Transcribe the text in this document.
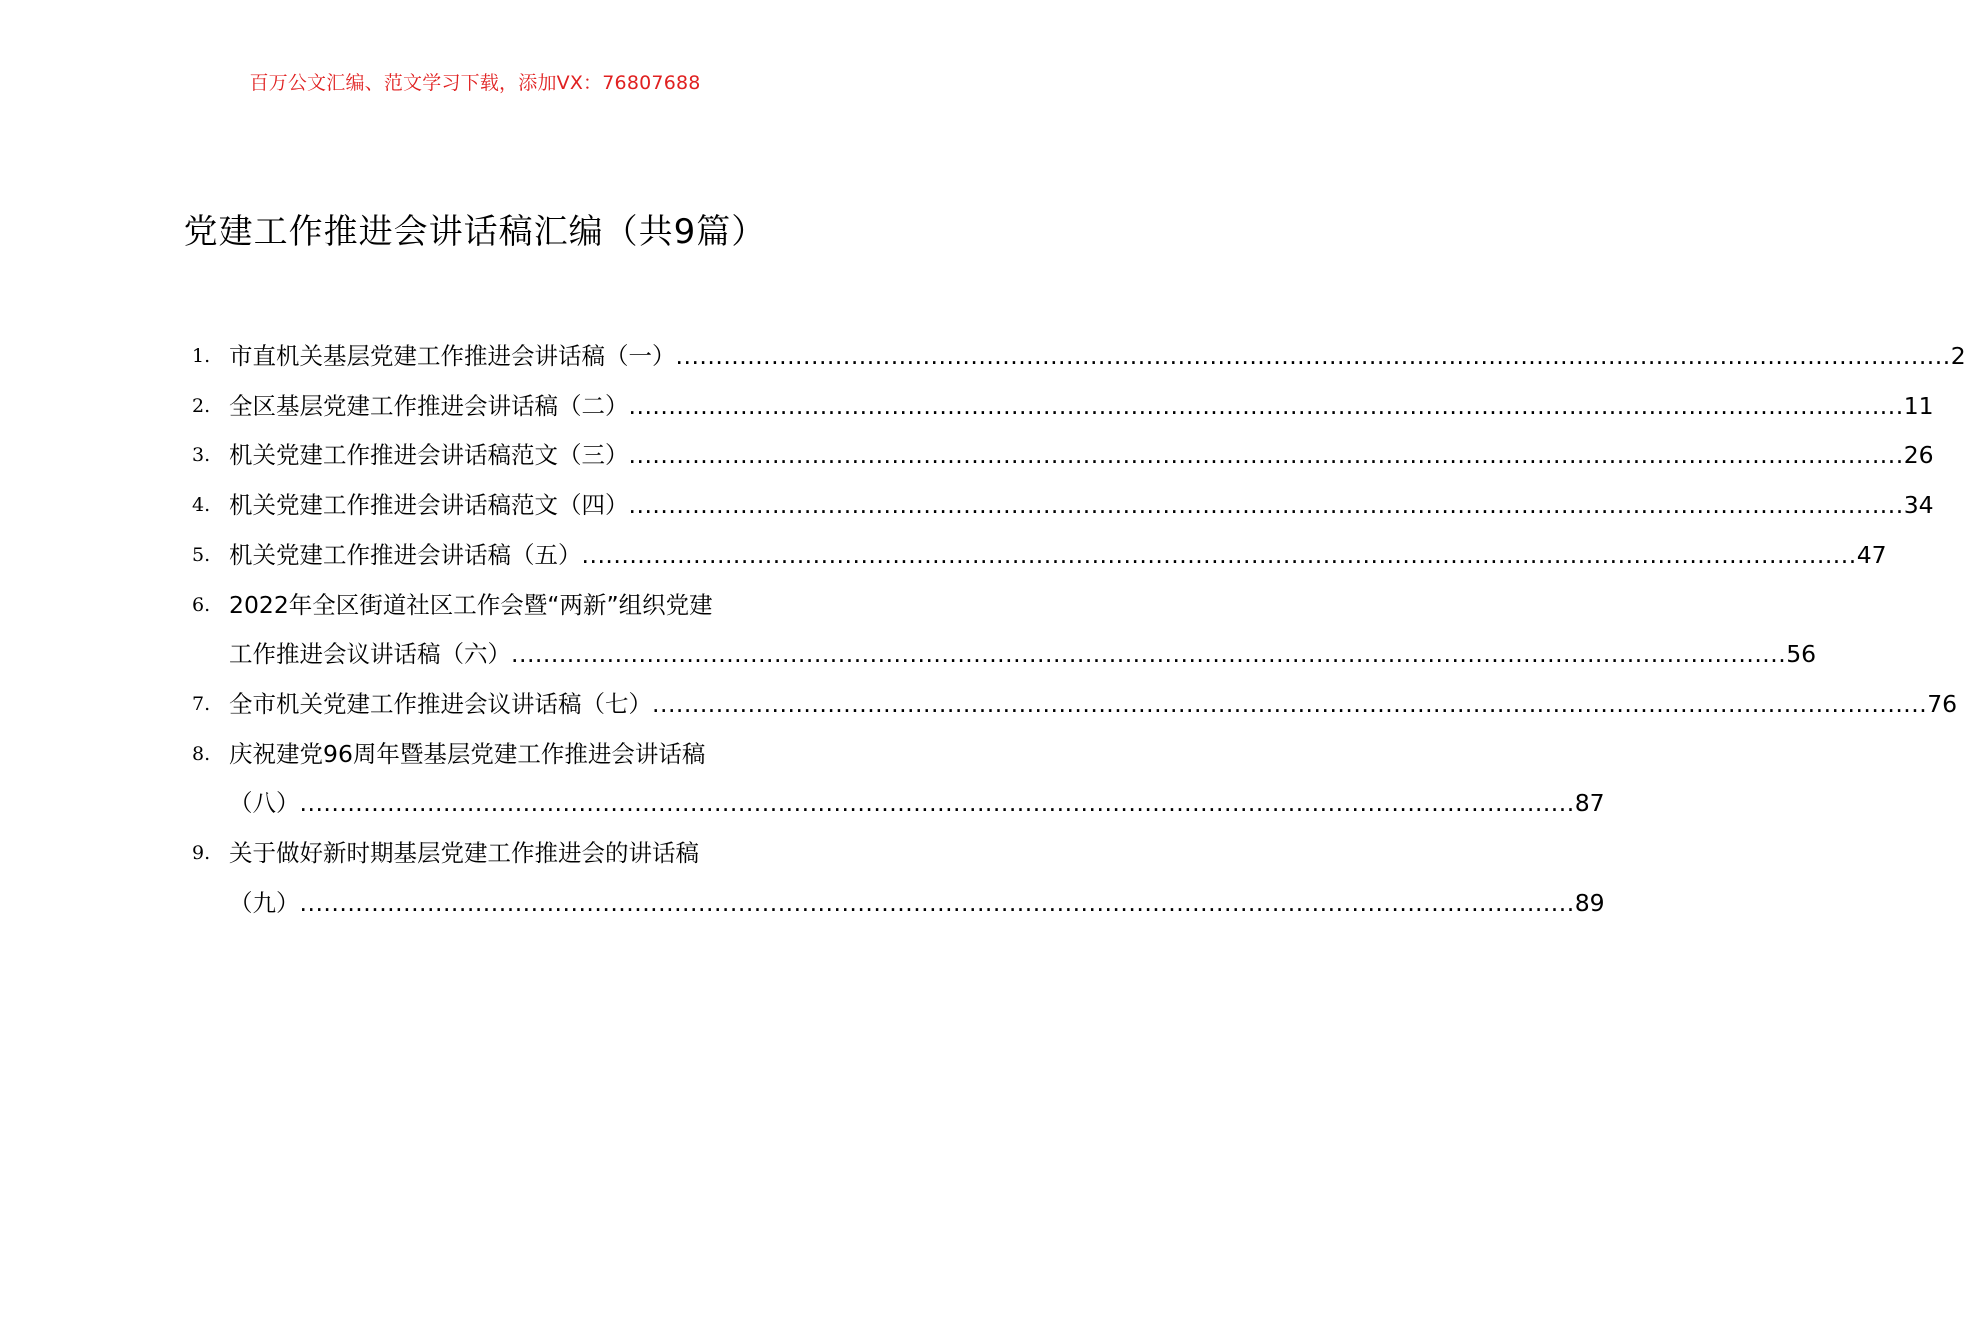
百万公文汇编、范文学习下载，添加VX：76807688
党建工作推进会讲话稿汇编（共9篇）
1. 市直机关基层党建工作推进会讲话稿（一） .....	2
2. 全区基层党建工作推进会讲话稿（二） .....	11
3. 机关党建工作推进会讲话稿范文（三） .....	26
4. 机关党建工作推进会讲话稿范文（四） .....	34
5. 机关党建工作推进会讲话稿（五） .....	47
6. 2022年全区街道社区工作会暨“两新”组织党建
工作推进会议讲话稿（六） .....	56
7. 全市机关党建工作推进会议讲话稿（七） .....	76
8. 庆祝建党96周年暨基层党建工作推进会讲话稿
（八） .....	87
9. 关于做好新时期基层党建工作推进会的讲话稿
（九） .....	89
